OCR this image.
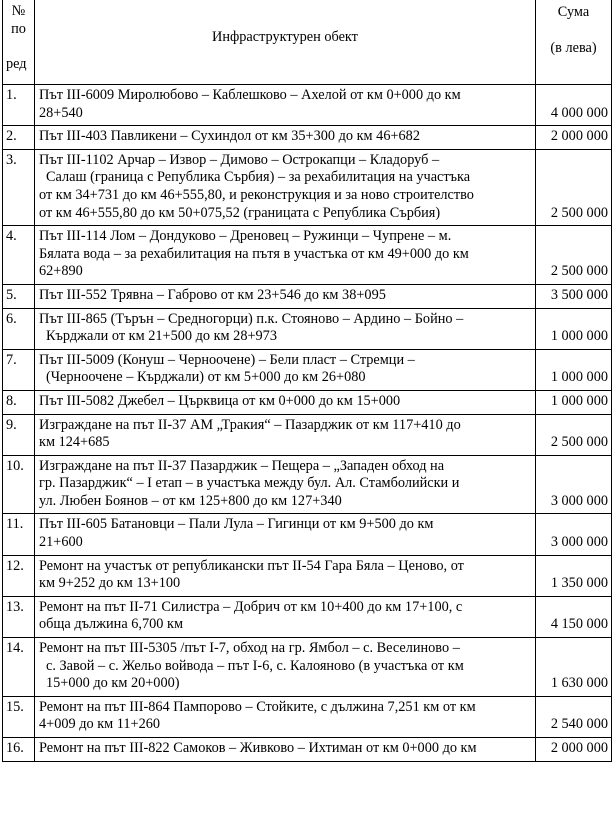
№
по
ред	Инфраструктурен обект	Сума
(в лева)

1.	Път III-6009 Миролюбово – Каблешково – Ахелой от км 0+000 до км
28+540	4 000 000
2.	Път III-403 Павликени – Сухиндол от км 35+300 до км 46+682	2 000 000
3.	Път III-1102 Арчар – Извор – Димово – Острокапци – Кладоруб –
Салаш (граница с Република Сърбия) – за рехабилитация на участъка
от км 34+731 до км 46+555,80, и реконструкция и за ново строителство
от км 46+555,80 до км 50+075,52 (границата с Република Сърбия)	2 500 000
4.	Път III-114 Лом – Дондуково – Дреновец – Ружинци – Чупрене – м.
Бялата вода – за рехабилитация на пътя в участъка от км 49+000 до км
62+890	2 500 000
5.	Път III-552 Трявна – Габрово от км 23+546 до км 38+095	3 500 000
6.	Път III-865 (Търън – Средногорци) п.к. Стояново – Ардино – Бойно –
Кърджали от км 21+500 до км 28+973	1 000 000
7.	Път III-5009 (Конуш – Черноочене) – Бели пласт – Стремци –
(Черноочене – Кърджали) от км 5+000 до км 26+080	1 000 000
8.	Път III-5082 Джебел – Църквица от км 0+000 до км 15+000	1 000 000
9.	Изграждане на път II-37 АМ „Тракия“ – Пазарджик от км 117+410 до
км 124+685	2 500 000
10.	Изграждане на път II-37 Пазарджик – Пещера – „Западен обход на
гр. Пазарджик“ – I етап – в участъка между бул. Ал. Стамболийски и
ул. Любен Боянов – от км 125+800 до км 127+340	3 000 000
11.	Път III-605 Батановци – Пали Лула – Гигинци от км 9+500 до км
21+600	3 000 000
12.	Ремонт на участък от републикански път II-54 Гара Бяла – Ценово, от
км 9+252 до км 13+100	1 350 000
13.	Ремонт на път II-71 Силистра – Добрич от км 10+400 до км 17+100, с
обща дължина 6,700 км	4 150 000
14.	Ремонт на път III-5305 /път I-7, обход на гр. Ямбол – с. Веселиново –
с. Завой – с. Жельо войвода – път I-6, с. Калояново (в участъка от км
15+000 до км 20+000)	1 630 000
15.	Ремонт на път III-864 Пампорово – Стойките, с дължина 7,251 км от км
4+009 до км 11+260	2 540 000
16.	Ремонт на път III-822 Самоков – Живково – Ихтиман от км 0+000 до км	2 000 000
